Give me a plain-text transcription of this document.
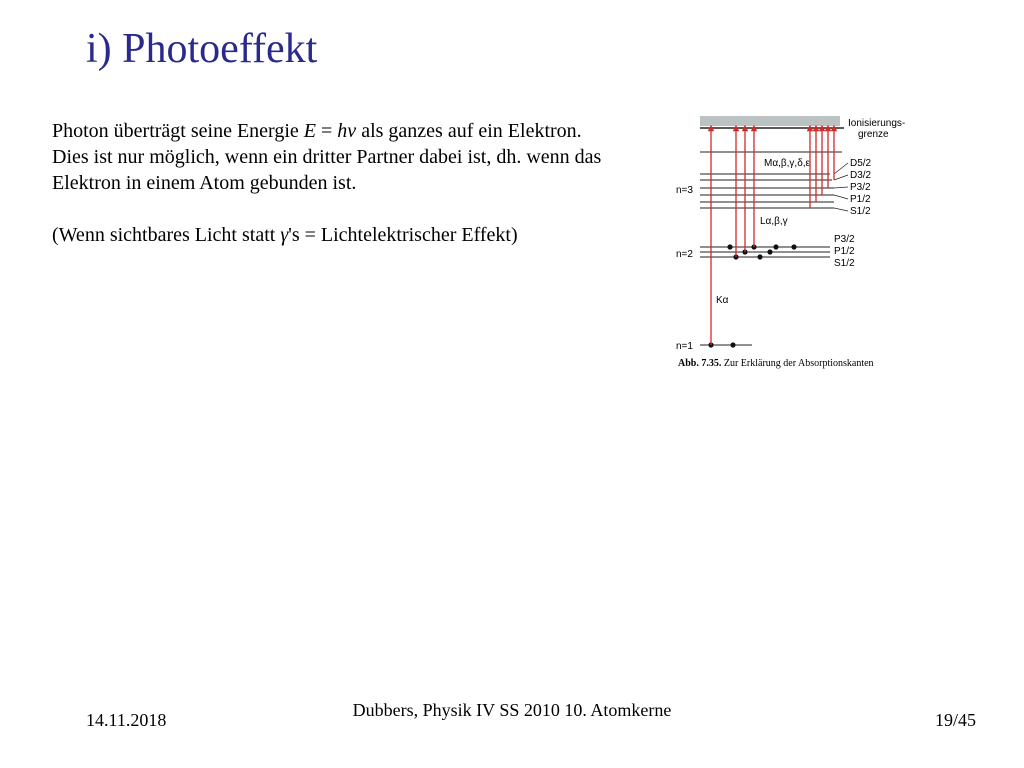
i) Photoeffekt

Photon überträgt seine Energie E = hν als ganzes auf ein Elektron.

Dies ist nur möglich, wenn ein dritter Partner dabei ist, dh. wenn das

Elektron in einem Atom gebunden ist.

(Wenn sichtbares Licht statt γ's = Lichtelektrischer Effekt)

Ionisierungs-
grenze
n=3
Mα,β,γ,δ,ε	D5/2
D3/2
P3/2
P1/2
S1/2
n=2
Lα,β,γ
P3/2
P1/2
S1/2
n=1
Kα
Abb. 7.35. Zur Erklärung der Absorptionskanten
14.11.2018	Dubbers, Physik IV SS 2010 10. Atomkerne	19/45
